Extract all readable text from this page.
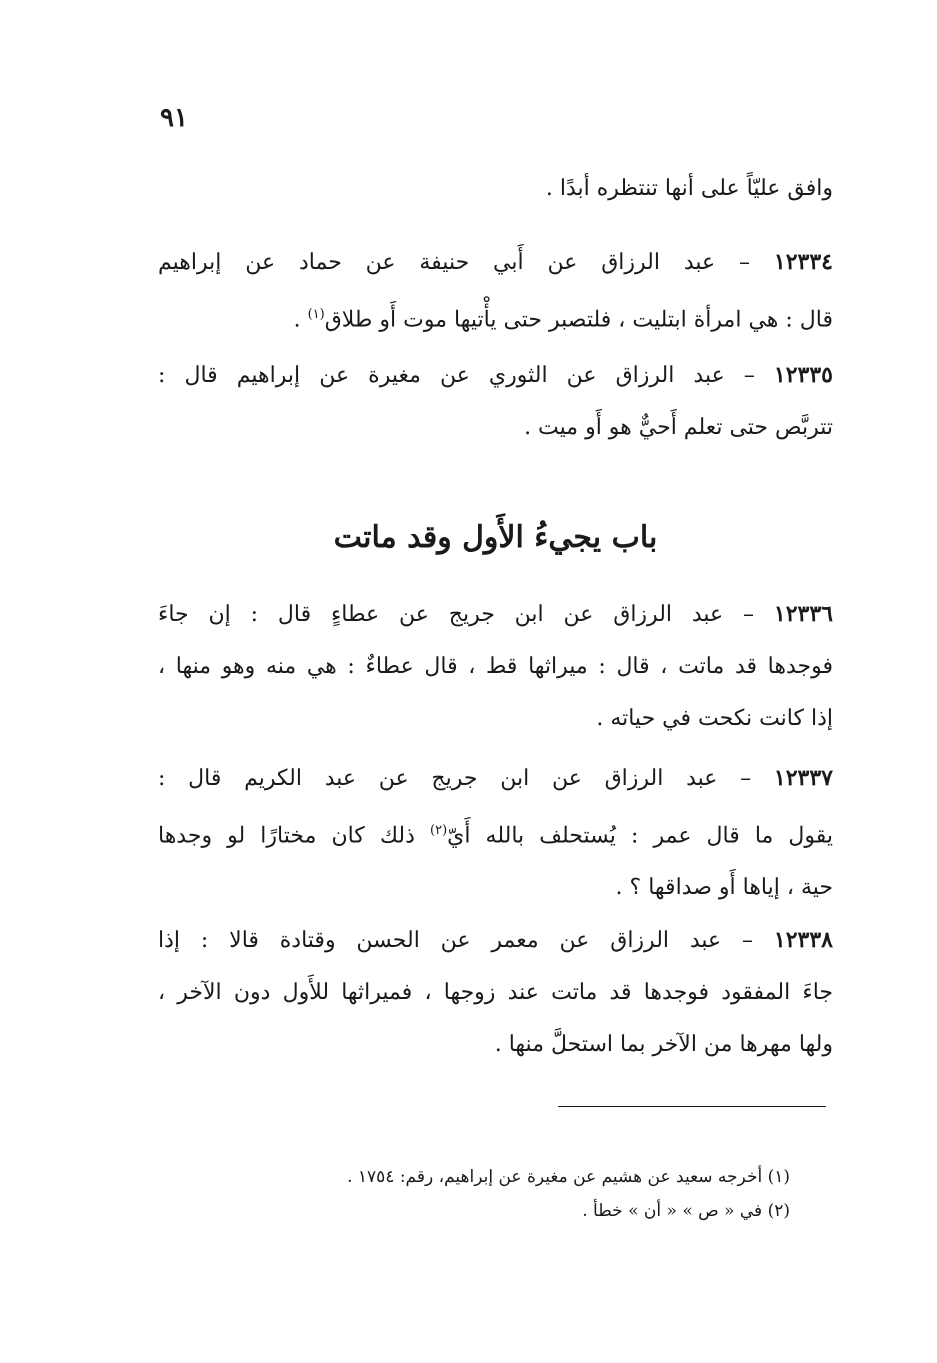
٩١
وافق عليّاً على أنها تنتظره أبدًا .
١٢٣٣٤ – عبد الرزاق عن أَبي حنيفة عن حماد عن إبراهيم
قال : هي امرأة ابتليت ، فلتصبر حتى يأْتيها موت أَو طلاق$^{(١)}$ .
١٢٣٣٥ – عبد الرزاق عن الثوري عن مغيرة عن إبراهيم قال :
تتربَّص حتى تعلم أَحيٌّ هو أَو ميت .
باب يجيءُ الأَول وقد ماتت
١٢٣٣٦ – عبد الرزاق عن ابن جريج عن عطاءٍ قال : إن جاءَ
فوجدها قد ماتت ، قال : ميراثها قط ، قال عطاءٌ : هي منه وهو منها ،
إذا كانت نكحت في حياته .
١٢٣٣٧ – عبد الرزاق عن ابن جريج عن عبد الكريم قال :
يقول ما قال عمر : يُستحلف بالله أَيّ$^{(٢)}$ ذلك كان مختارًا لو وجدها
حية ، إياها أَو صداقها ؟ .
١٢٣٣٨ – عبد الرزاق عن معمر عن الحسن وقتادة قالا : إذا
جاءَ المفقود فوجدها قد ماتت عند زوجها ، فميراثها للأَول دون الآخر ،
ولها مهرها من الآخر بما استحلَّ منها .
(١) أخرجه سعيد عن هشيم عن مغيرة عن إبراهيم، رقم: ١٧٥٤ .
(٢) في « ص » « أن » خطأ .
